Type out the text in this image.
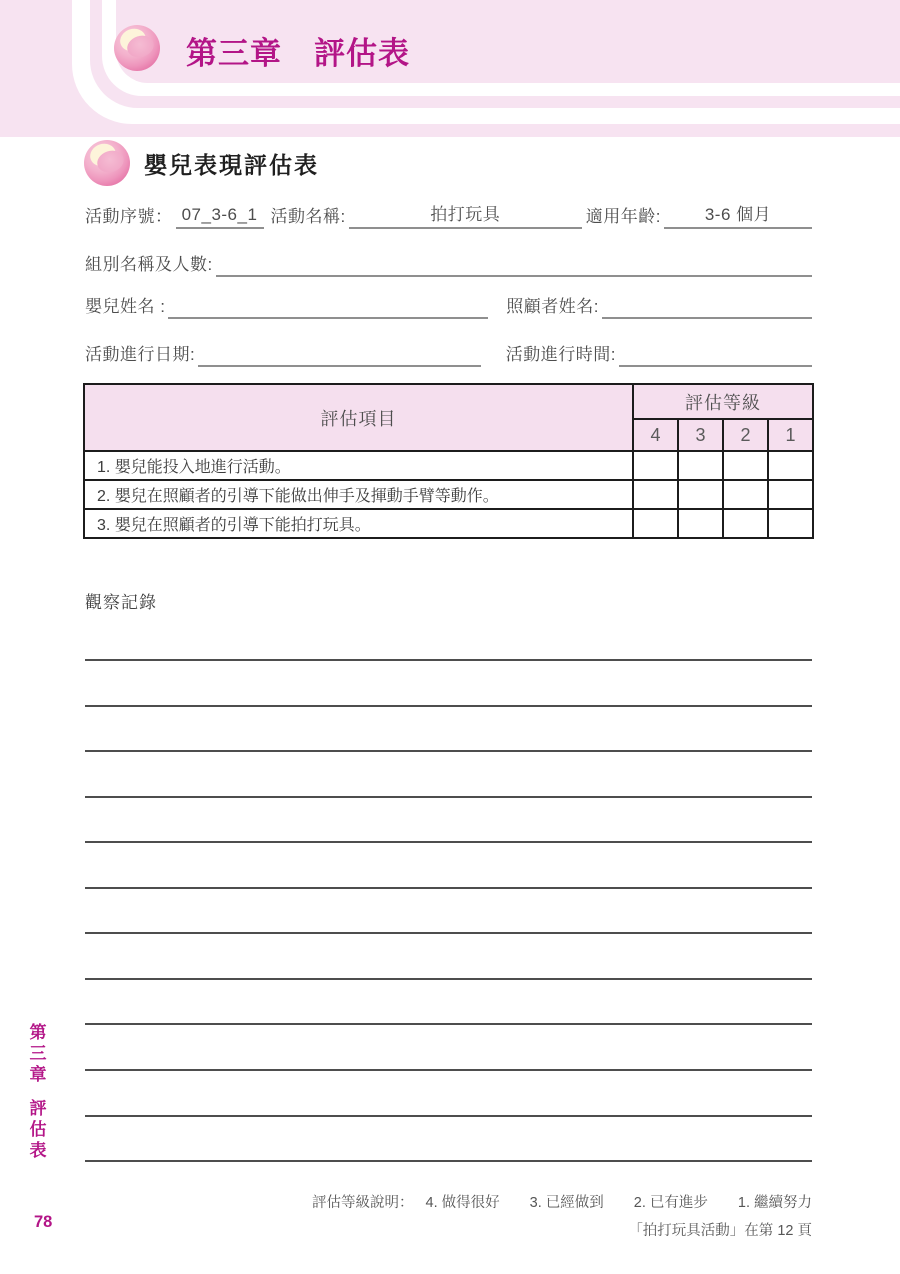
第三章　評估表
嬰兒表現評估表
活動序號： 07_3-6_1 活動名稱:	拍打玩具	適用年齡:	3-6 個月
組別名稱及人數:
嬰兒姓名 :	照顧者姓名:
活動進行日期:	活動進行時間:
評估項目	評估等級			
	4	3	2	1
1. 嬰兒能投入地進行活動。				
2. 嬰兒在照顧者的引導下能做出伸手及揮動手臂等動作。				
3. 嬰兒在照顧者的引導下能拍打玩具。				
觀察記錄
第三章
評估表
78
評估等級說明： 4. 做得很好 3. 已經做到 2. 已有進步 1. 繼續努力
「拍打玩具活動」在第 12 頁
